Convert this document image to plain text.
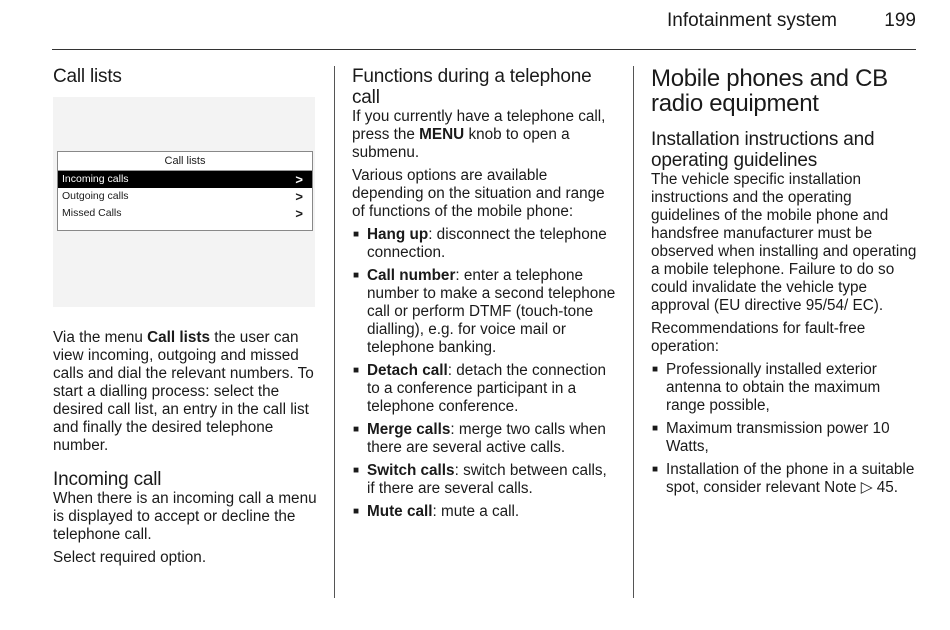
Infotainment system 199
Call lists
Call lists
Incoming calls	>
Outgoing calls	>
Missed Calls	>

Via the menu Call lists the user can view incoming, outgoing and missed calls and dial the relevant numbers. To start a dialling process: select the desired call list, an entry in the call list and finally the desired telephone number.

Incoming call

When there is an incoming call a menu is displayed to accept or decline the telephone call.

Select required option.

Functions during a telephone call

If you currently have a telephone call, press the MENU knob to open a submenu.

Various options are available depending on the situation and range of functions of the mobile phone:

■ Hang up: disconnect the telephone connection.
■ Call number: enter a telephone number to make a second telephone call or perform DTMF (touch-tone dialling), e.g. for voice mail or telephone banking.
■ Detach call: detach the connection to a conference participant in a telephone conference.
■ Merge calls: merge two calls when there are several active calls.
■ Switch calls: switch between calls, if there are several calls.
■ Mute call: mute a call.
Mobile phones and CB radio equipment
Installation instructions and operating guidelines

The vehicle specific installation instructions and the operating guidelines of the mobile phone and handsfree manufacturer must be observed when installing and operating a mobile telephone. Failure to do so could invalidate the vehicle type approval (EU directive 95/54/ EC).

Recommendations for fault-free operation:

■ Professionally installed exterior antenna to obtain the maximum range possible,
■ Maximum transmission power 10 Watts,
■ Installation of the phone in a suitable spot, consider relevant Note ▷ 45.
